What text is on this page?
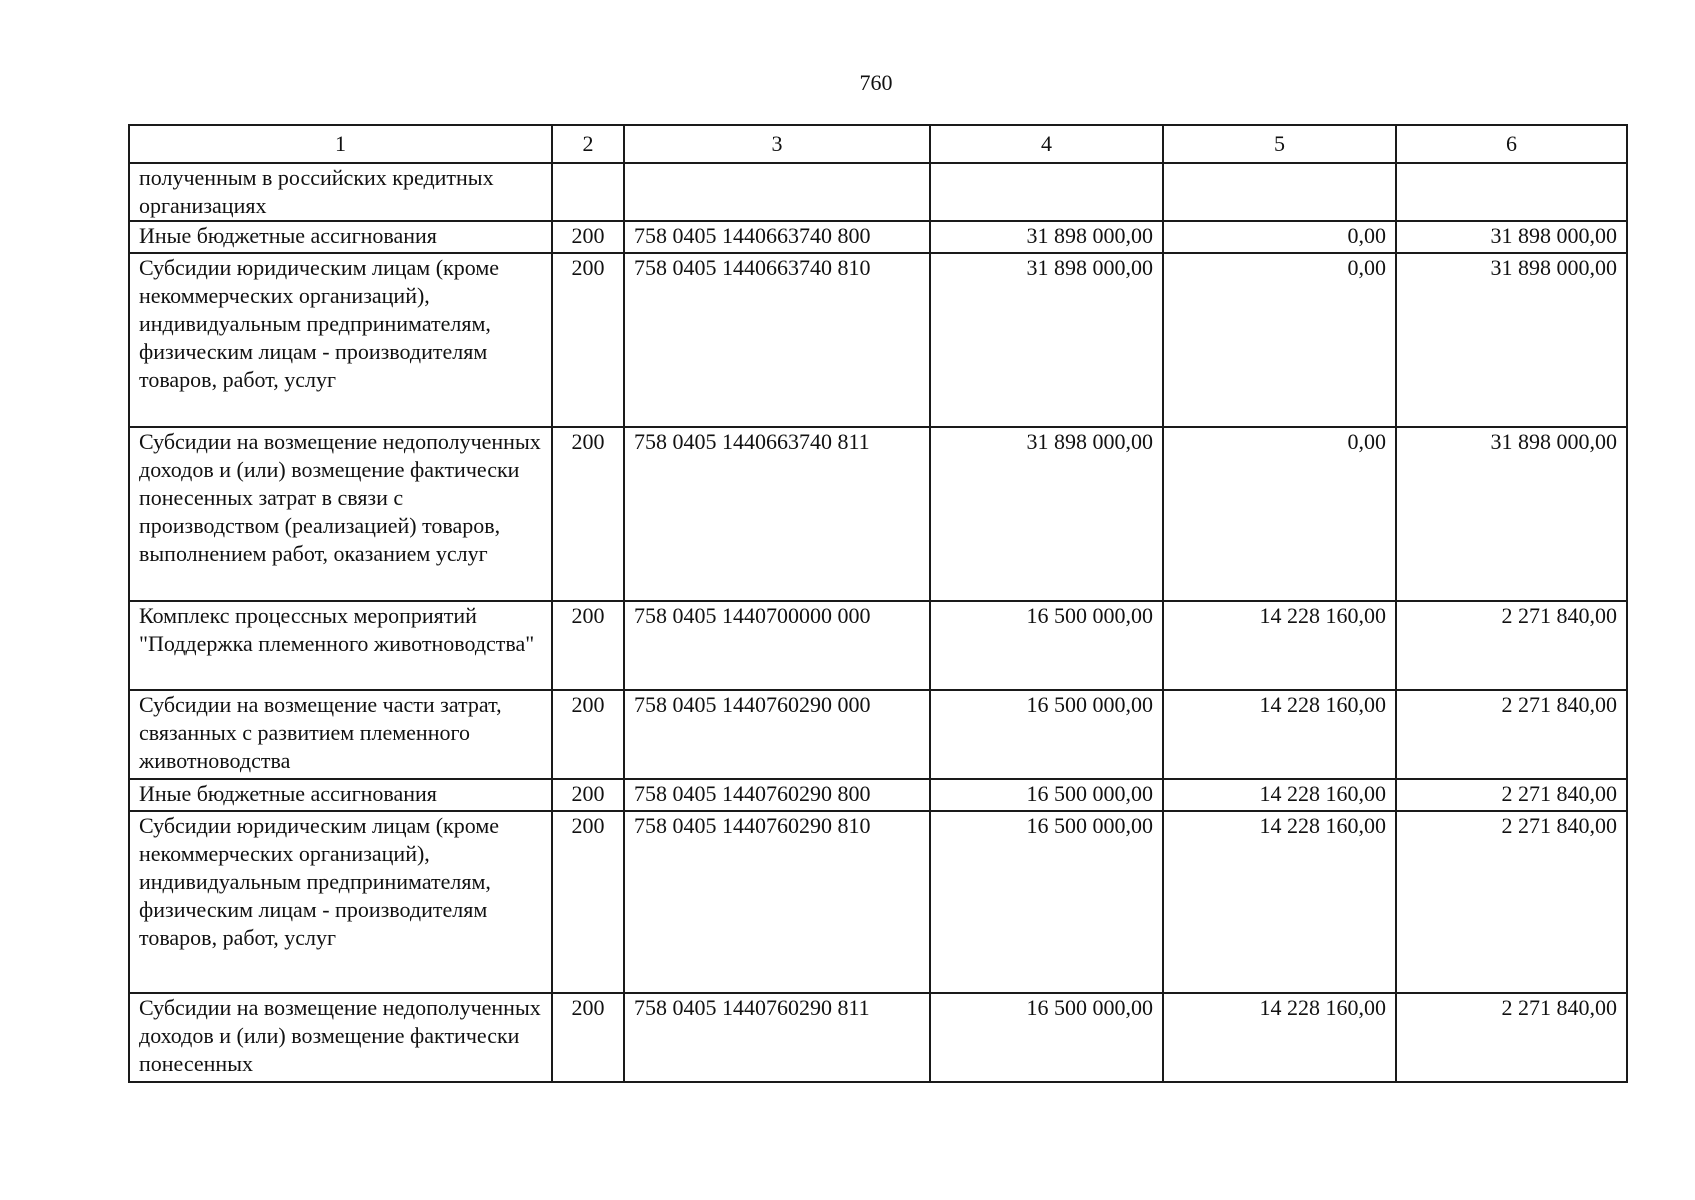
760
1	2	3	4	5	6
полученным в российских кредитных организациях					
Иные бюджетные ассигнования	200	758 0405 1440663740 800	31 898 000,00	0,00	31 898 000,00
Субсидии юридическим лицам (кроме некоммерческих организаций), индивидуальным предпринимателям, физическим лицам - производителям товаров, работ, услуг	200	758 0405 1440663740 810	31 898 000,00	0,00	31 898 000,00
Субсидии на возмещение недополученных доходов и (или) возмещение фактически понесенных затрат в связи с производством (реализацией) товаров, выполнением работ, оказанием услуг	200	758 0405 1440663740 811	31 898 000,00	0,00	31 898 000,00
Комплекс процессных мероприятий "Поддержка племенного животноводства"	200	758 0405 1440700000 000	16 500 000,00	14 228 160,00	2 271 840,00
Субсидии на возмещение части затрат, связанных с развитием племенного животноводства	200	758 0405 1440760290 000	16 500 000,00	14 228 160,00	2 271 840,00
Иные бюджетные ассигнования	200	758 0405 1440760290 800	16 500 000,00	14 228 160,00	2 271 840,00
Субсидии юридическим лицам (кроме некоммерческих организаций), индивидуальным предпринимателям, физическим лицам - производителям товаров, работ, услуг	200	758 0405 1440760290 810	16 500 000,00	14 228 160,00	2 271 840,00
Субсидии на возмещение недополученных доходов и (или) возмещение фактически понесенных	200	758 0405 1440760290 811	16 500 000,00	14 228 160,00	2 271 840,00
